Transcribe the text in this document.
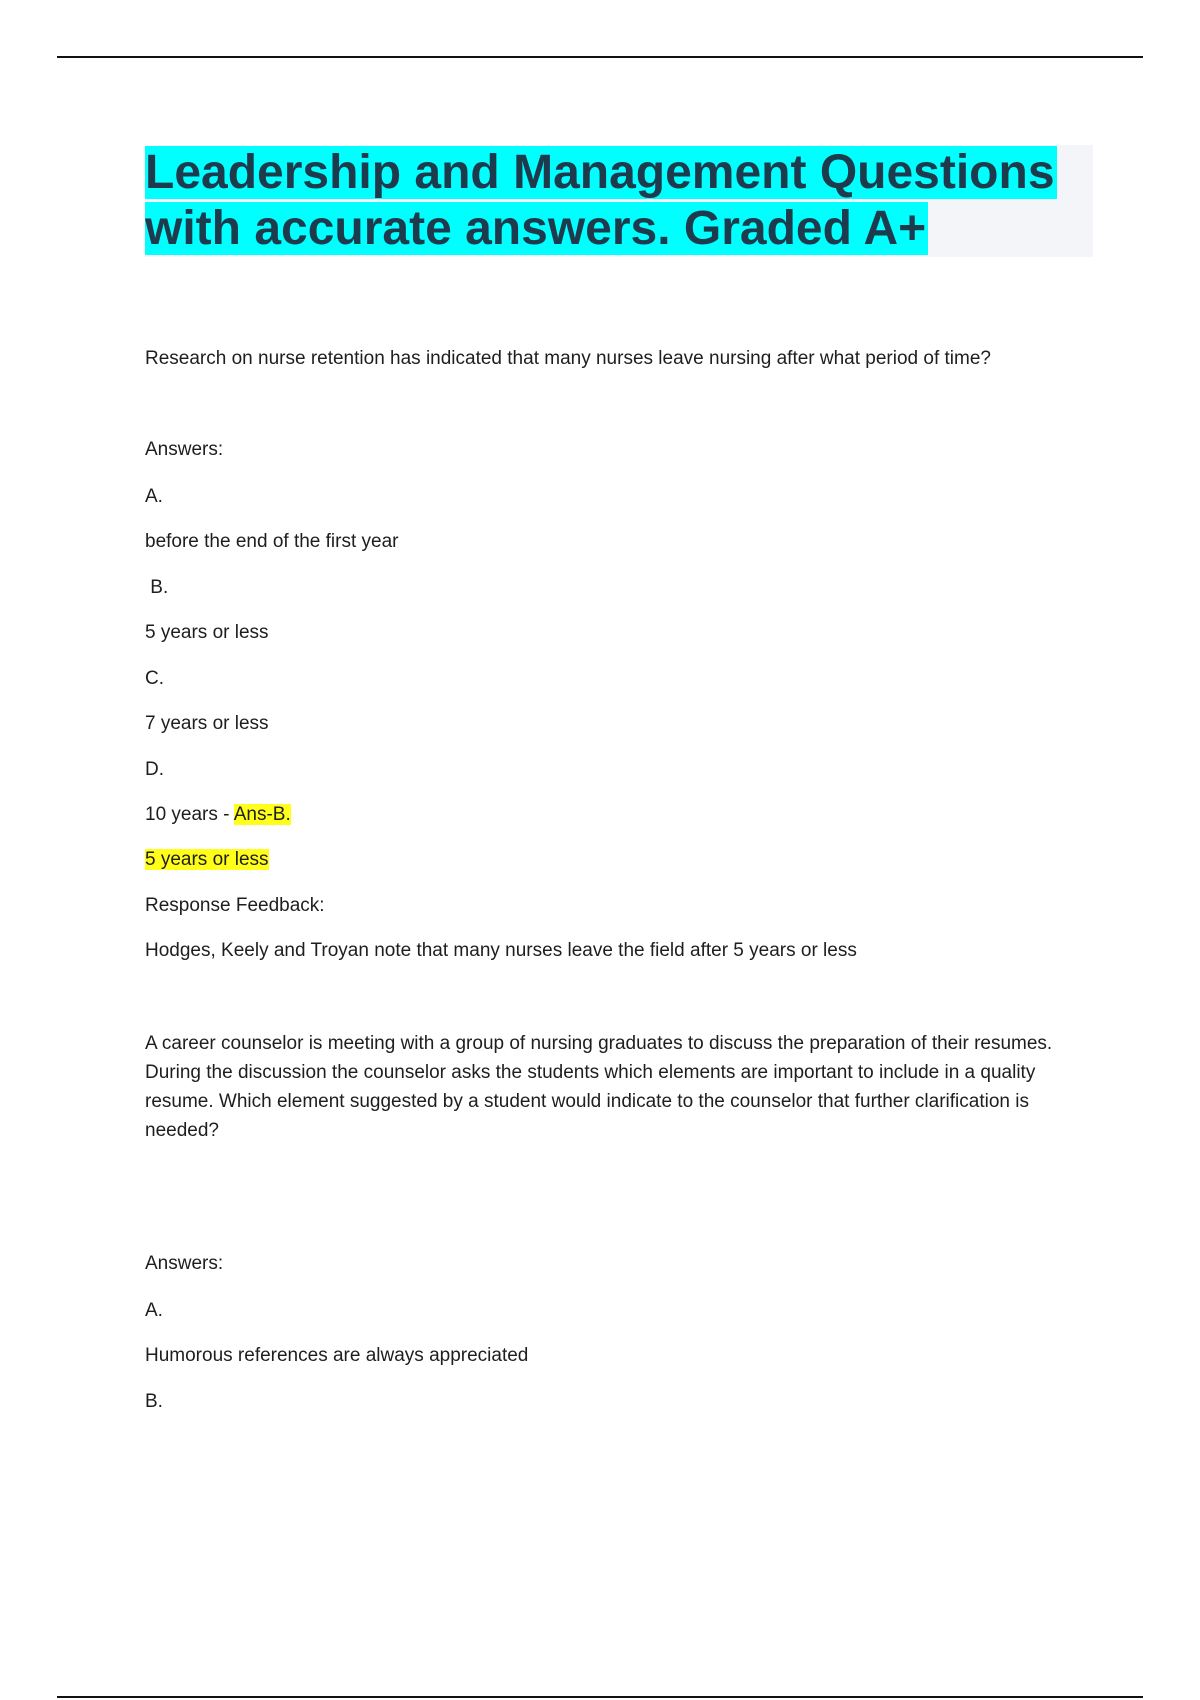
Leadership and Management Questions
with accurate answers. Graded A+

Research on nurse retention has indicated that many nurses leave nursing after what period of time?

Answers:

A.

before the end of the first year

B.

5 years or less

C.

7 years or less

D.

10 years - Ans-B.

5 years or less

Response Feedback:

Hodges, Keely and Troyan note that many nurses leave the field after 5 years or less

A career counselor is meeting with a group of nursing graduates to discuss the preparation of their resumes. During the discussion the counselor asks the students which elements are important to include in a quality resume. Which element suggested by a student would indicate to the counselor that further clarification is needed?

Answers:

A.

Humorous references are always appreciated

B.
